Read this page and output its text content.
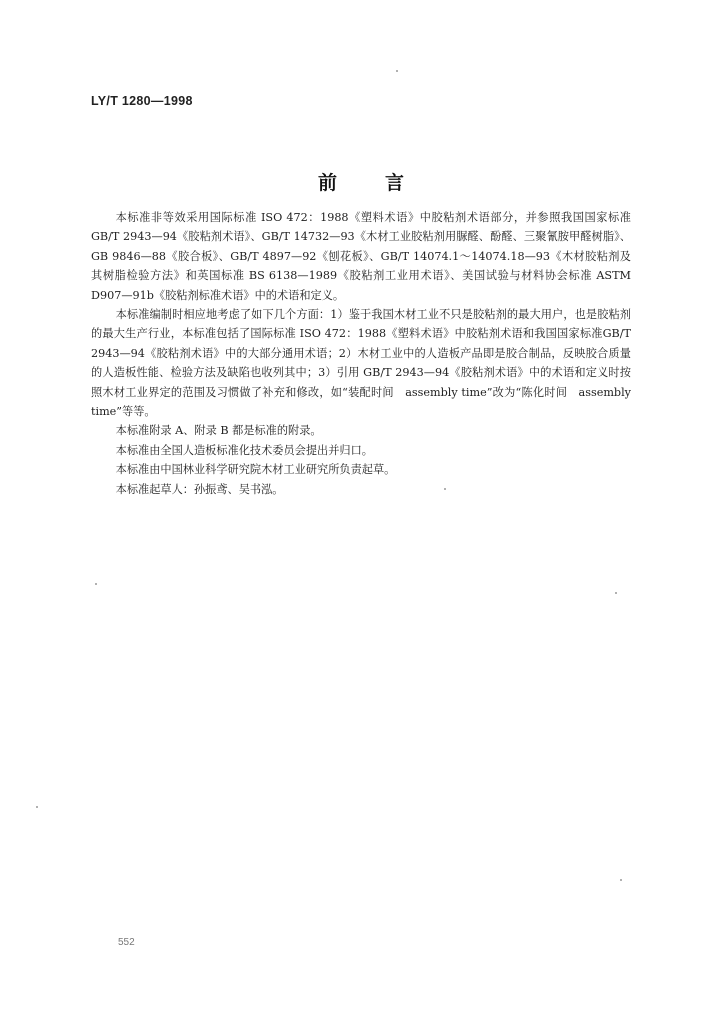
LY/T 1280—1998
前	言

本标准非等效采用国际标准 ISO 472：1988《塑料术语》中胶粘剂术语部分，并参照我国国家标准GB/T 2943—94《胶粘剂术语》、GB/T 14732—93《木材工业胶粘剂用脲醛、酚醛、三聚氰胺甲醛树脂》、GB 9846—88《胶合板》、GB/T 4897—92《刨花板》、GB/T 14074.1～14074.18—93《木材胶粘剂及其树脂检验方法》和英国标准 BS 6138—1989《胶粘剂工业用术语》、美国试验与材料协会标准 ASTM D907—91b《胶粘剂标准术语》中的术语和定义。

本标准编制时相应地考虑了如下几个方面：1）鉴于我国木材工业不只是胶粘剂的最大用户，也是胶粘剂的最大生产行业，本标准包括了国际标准 ISO 472：1988《塑料术语》中胶粘剂术语和我国国家标准GB/T 2943—94《胶粘剂术语》中的大部分通用术语；2）木材工业中的人造板产品即是胶合制品，反映胶合质量的人造板性能、检验方法及缺陷也收列其中；3）引用 GB/T 2943—94《胶粘剂术语》中的术语和定义时按照木材工业界定的范围及习惯做了补充和修改，如“装配时间　assembly time”改为“陈化时间　assembly time”等等。

本标准附录 A、附录 B 都是标准的附录。

本标准由全国人造板标准化技术委员会提出并归口。

本标准由中国林业科学研究院木材工业研究所负责起草。

本标准起草人：孙振鸢、吴书泓。

552
